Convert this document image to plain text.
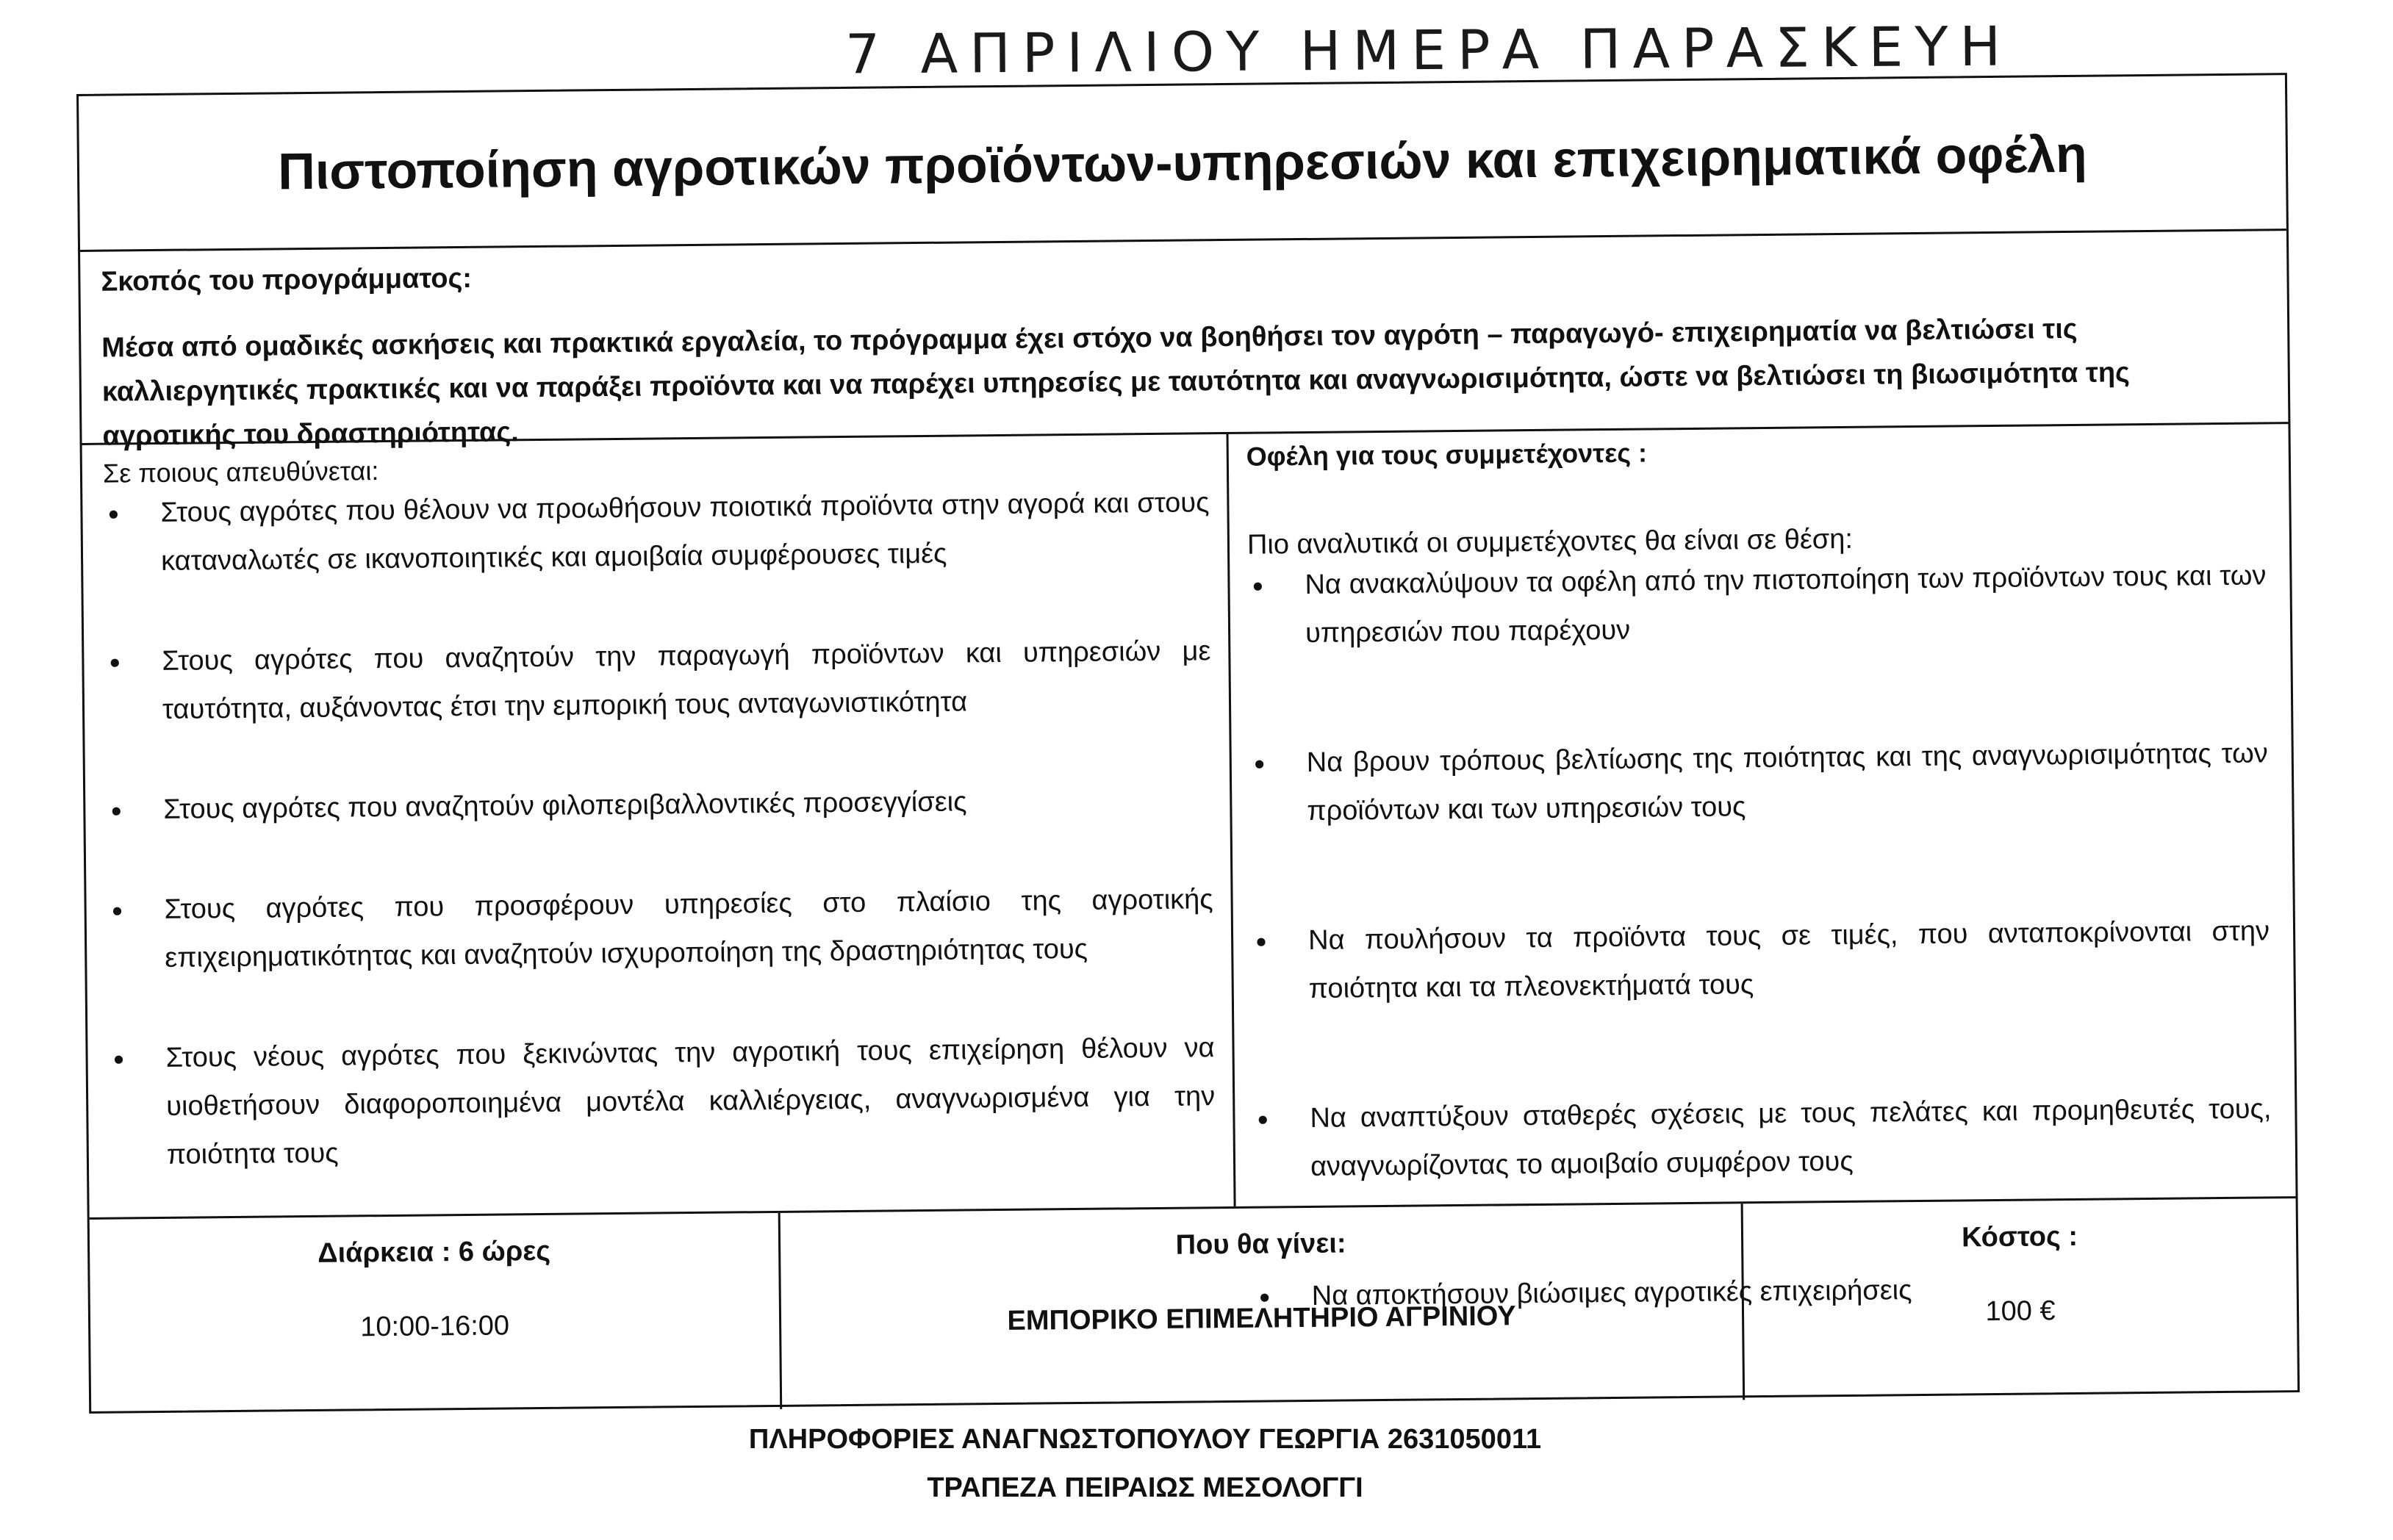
7 ΑΠΡΙΛΙΟΥ ΗΜΕΡΑ ΠΑΡΑΣΚΕΥΗ
Πιστοποίηση αγροτικών προϊόντων-υπηρεσιών και επιχειρηματικά οφέλη
Σκοπός του προγράμματος:
Μέσα από ομαδικές ασκήσεις και πρακτικά εργαλεία, το πρόγραμμα έχει στόχο να βοηθήσει τον αγρότη – παραγωγό- επιχειρηματία να βελτιώσει τις καλλιεργητικές πρακτικές και να παράξει προϊόντα και να παρέχει υπηρεσίες με ταυτότητα και αναγνωρισιμότητα, ώστε να βελτιώσει τη βιωσιμότητα της αγροτικής του δραστηριότητας.
Σε ποιους απευθύνεται:
● Στους αγρότες που θέλουν να προωθήσουν ποιοτικά προϊόντα στην αγορά και στους καταναλωτές σε ικανοποιητικές και αμοιβαία συμφέρουσες τιμές
● Στους αγρότες που αναζητούν την παραγωγή προϊόντων και υπηρεσιών με ταυτότητα, αυξάνοντας έτσι την εμπορική τους ανταγωνιστικότητα
● Στους αγρότες που αναζητούν φιλοπεριβαλλοντικές προσεγγίσεις
● Στους αγρότες που προσφέρουν υπηρεσίες στο πλαίσιο της αγροτικής επιχειρηματικότητας και αναζητούν ισχυροποίηση της δραστηριότητας τους
● Στους νέους αγρότες που ξεκινώντας την αγροτική τους επιχείρηση θέλουν να υιοθετήσουν διαφοροποιημένα μοντέλα καλλιέργειας, αναγνωρισμένα για την ποιότητα τους
Οφέλη για τους συμμετέχοντες :
Πιο αναλυτικά οι συμμετέχοντες θα είναι σε θέση:
● Να ανακαλύψουν τα οφέλη από την πιστοποίηση των προϊόντων τους και των υπηρεσιών που παρέχουν
● Να βρουν τρόπους βελτίωσης της ποιότητας και της αναγνωρισιμότητας των προϊόντων και των υπηρεσιών τους
● Να πουλήσουν τα προϊόντα τους σε τιμές, που ανταποκρίνονται στην ποιότητα και τα πλεονεκτήματά τους
● Να αναπτύξουν σταθερές σχέσεις με τους πελάτες και προμηθευτές τους, αναγνωρίζοντας το αμοιβαίο συμφέρον τους
● Να αποκτήσουν βιώσιμες αγροτικές επιχειρήσεις
Διάρκεια : 6 ώρες
10:00-16:00
Που θα γίνει:
ΕΜΠΟΡΙΚΟ ΕΠΙΜΕΛΗΤΗΡΙΟ ΑΓΡΙΝΙΟΥ
Κόστος :
100 €
ΠΛΗΡΟΦΟΡΙΕΣ ΑΝΑΓΝΩΣΤΟΠΟΥΛΟΥ ΓΕΩΡΓΙΑ 2631050011
ΤΡΑΠΕΖΑ ΠΕΙΡΑΙΩΣ ΜΕΣΟΛΟΓΓΙ
